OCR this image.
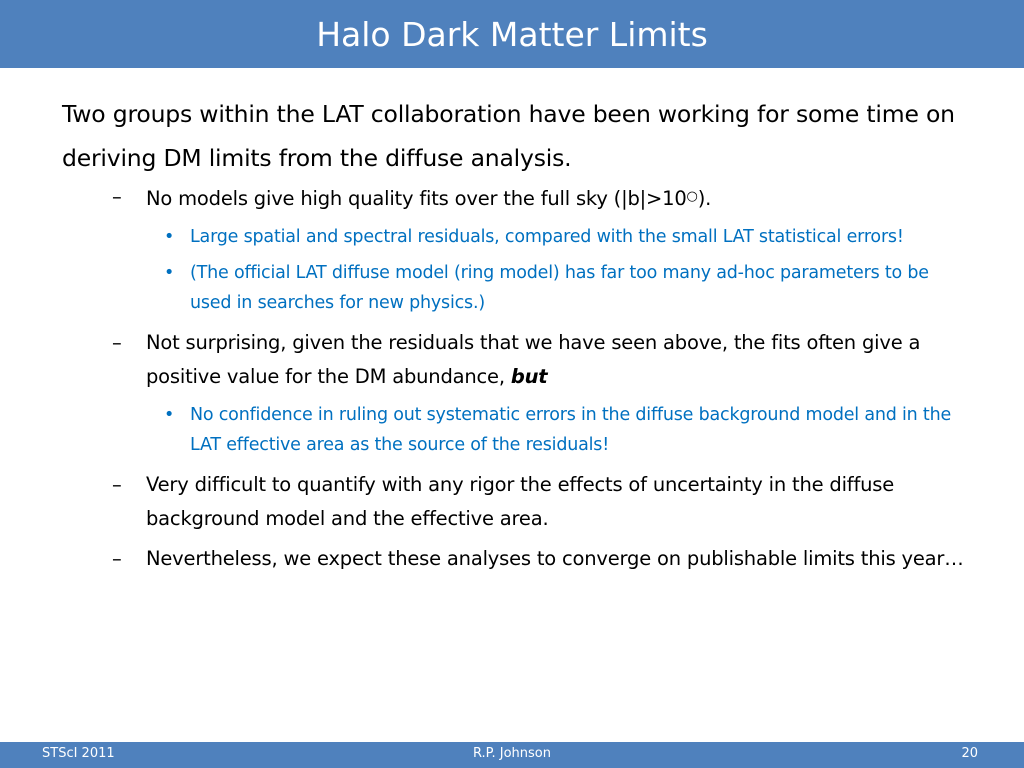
Halo Dark Matter Limits

Two groups within the LAT collaboration have been working for some time on deriving DM limits from the diffuse analysis.

– No models give high quality fits over the full sky (|b|>10○).

• Large spatial and spectral residuals, compared with the small LAT statistical errors!

• (The official LAT diffuse model (ring model) has far too many ad-hoc parameters to be used in searches for new physics.)

– Not surprising, given the residuals that we have seen above, the fits often give a positive value for the DM abundance, but

• No confidence in ruling out systematic errors in the diffuse background model and in the LAT effective area as the source of the residuals!

– Very difficult to quantify with any rigor the effects of uncertainty in the diffuse background model and the effective area.

– Nevertheless, we expect these analyses to converge on publishable limits this year…

STScI 2011	R.P. Johnson	20
